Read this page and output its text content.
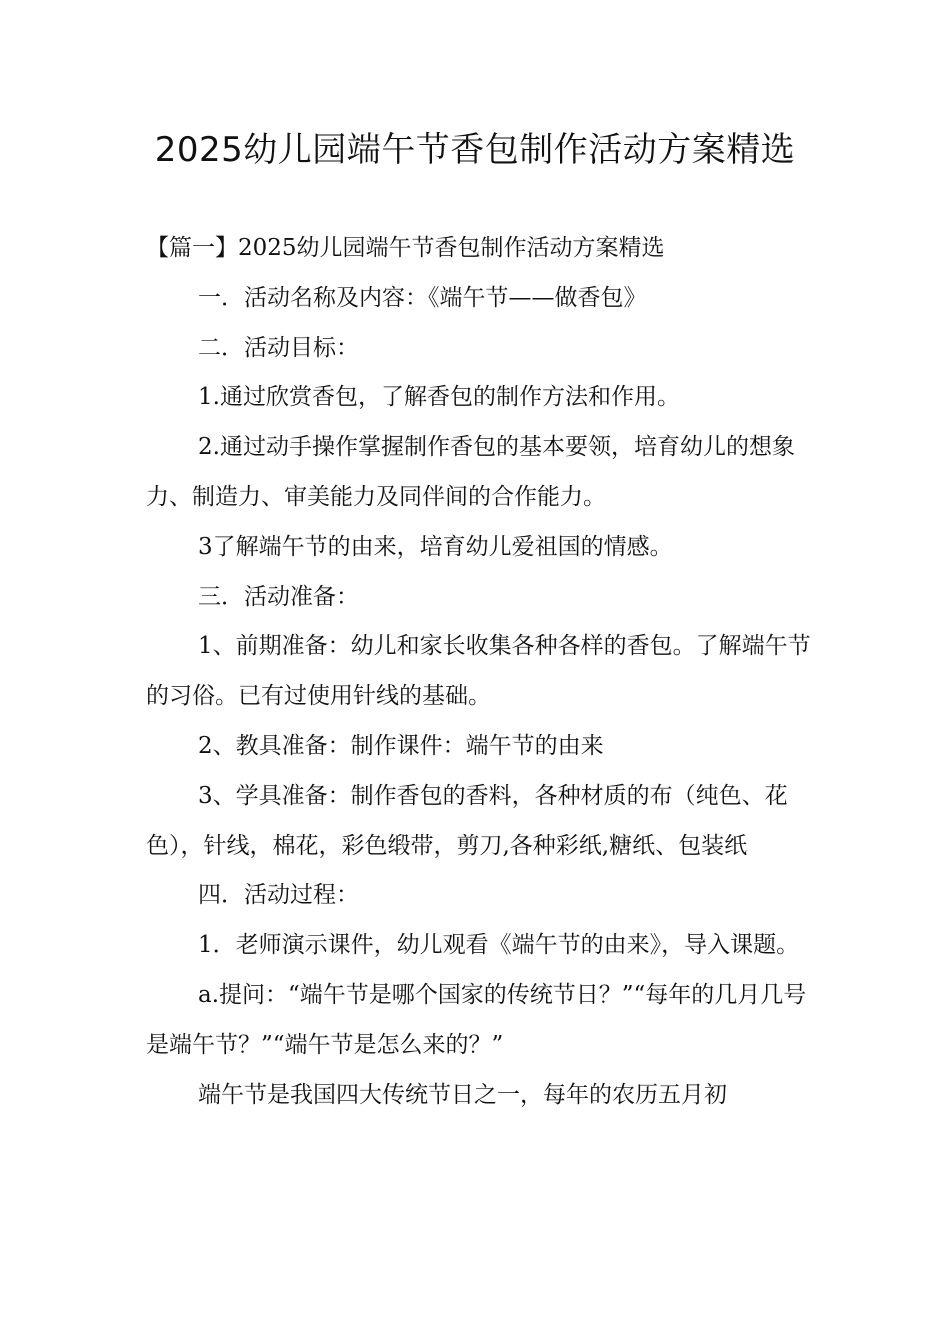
2025幼儿园端午节香包制作活动方案精选

【篇一】2025幼儿园端午节香包制作活动方案精选

一．活动名称及内容：《端午节——做香包》

二．活动目标：

1.通过欣赏香包，了解香包的制作方法和作用。

2.通过动手操作掌握制作香包的基本要领，培育幼儿的想象力、制造力、审美能力及同伴间的合作能力。

3了解端午节的由来，培育幼儿爱祖国的情感。

三．活动准备：

1、前期准备：幼儿和家长收集各种各样的香包。了解端午节的习俗。已有过使用针线的基础。

2、教具准备：制作课件：端午节的由来

3、学具准备：制作香包的香料，各种材质的布（纯色、花色），针线，棉花，彩色缎带，剪刀,各种彩纸,糖纸、包装纸

四．活动过程：

1．老师演示课件，幼儿观看《端午节的由来》，导入课题。

a.提问：“端午节是哪个国家的传统节日？”“每年的几月几号是端午节？”“端午节是怎么来的？”

端午节是我国四大传统节日之一，每年的农历五月初
